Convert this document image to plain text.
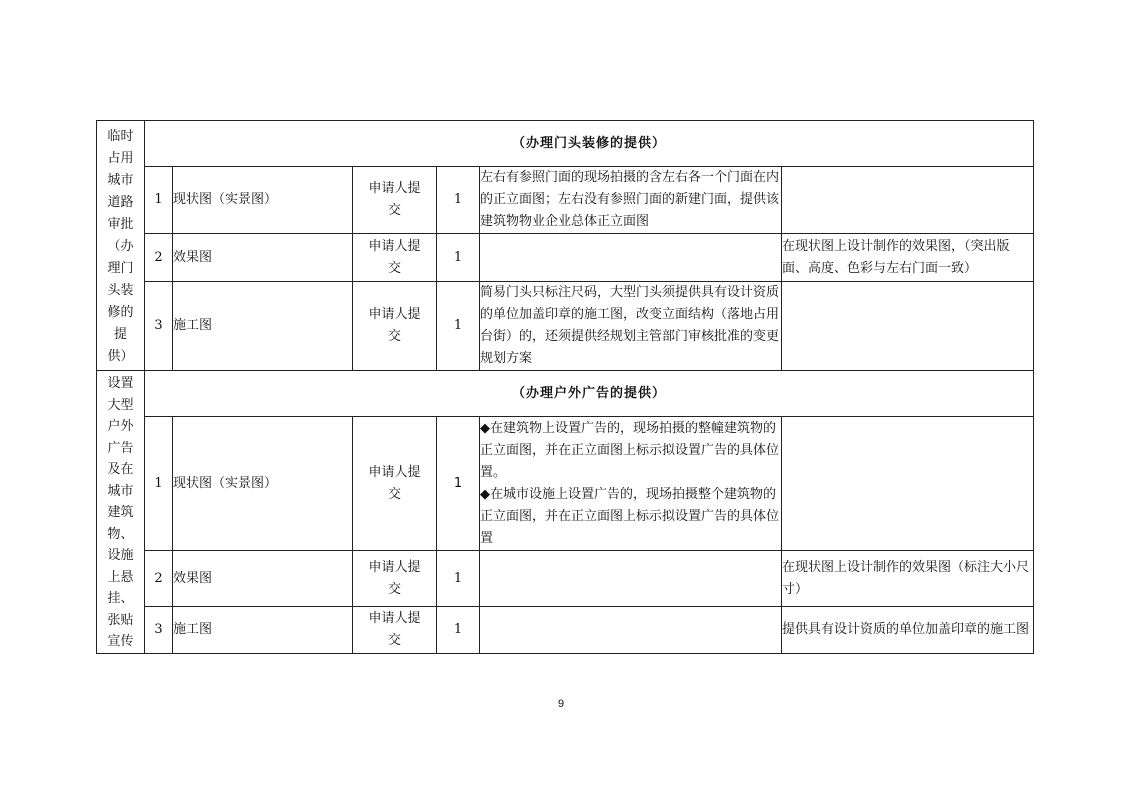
临时占用城市道路审批（办理门头装修的提供）	（办理门头装修的提供）					
	1	现状图（实景图）	申请人提交	1	左右有参照门面的现场拍摄的含左右各一个门面在内的正立面图；左右没有参照门面的新建门面，提供该建筑物物业企业总体正立面图	
	2	效果图	申请人提交	1		在现状图上设计制作的效果图，（突出版面、高度、色彩与左右门面一致）
	3	施工图	申请人提交	1	简易门头只标注尺码，大型门头须提供具有设计资质的单位加盖印章的施工图，改变立面结构（落地占用台街）的，还须提供经规划主管部门审核批准的变更规划方案	

设置大型户外广告及在城市建筑物、设施上悬挂、张贴宣传	（办理户外广告的提供）					
	1	现状图（实景图）	申请人提交	1	◆在建筑物上设置广告的，现场拍摄的整幢建筑物的正立面图，并在正立面图上标示拟设置广告的具体位置。
◆在城市设施上设置广告的，现场拍摄整个建筑物的正立面图，并在正立面图上标示拟设置广告的具体位置	

	2	效果图	申请人提交	1		在现状图上设计制作的效果图（标注大小尺寸）
	3	施工图	申请人提交	1		提供具有设计资质的单位加盖印章的施工图
9
